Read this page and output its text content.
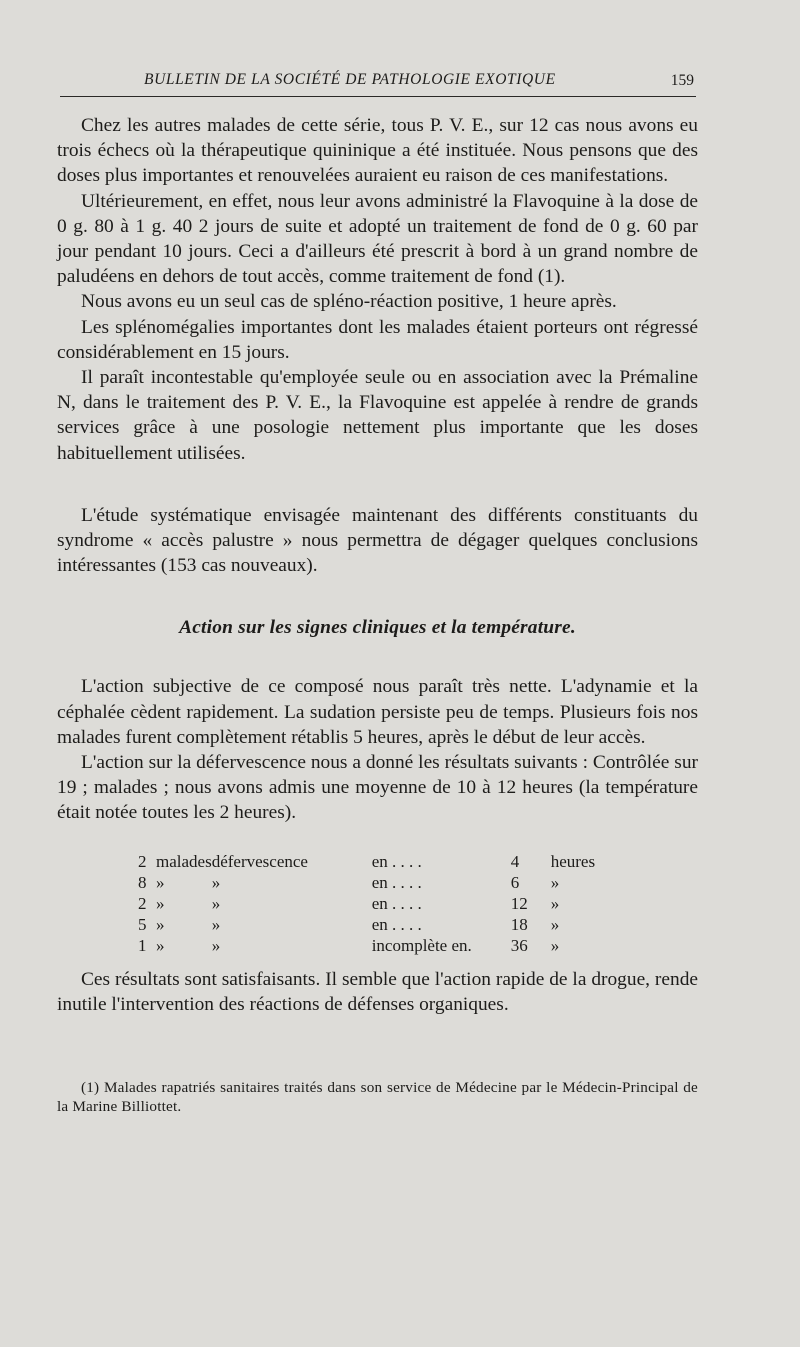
BULLETIN DE LA SOCIÉTÉ DE PATHOLOGIE EXOTIQUE	159

Chez les autres malades de cette série, tous P. V. E., sur 12 cas nous avons eu trois échecs où la thérapeutique quininique a été instituée. Nous pensons que des doses plus importantes et renouvelées auraient eu raison de ces manifestations.

Ultérieurement, en effet, nous leur avons administré la Flavoquine à la dose de 0 g. 80 à 1 g. 40 2 jours de suite et adopté un traitement de fond de 0 g. 60 par jour pendant 10 jours. Ceci a d'ailleurs été prescrit à bord à un grand nombre de paludéens en dehors de tout accès, comme traitement de fond (1).

Nous avons eu un seul cas de spléno-réaction positive, 1 heure après.

Les splénomégalies importantes dont les malades étaient porteurs ont régressé considérablement en 15 jours.

Il paraît incontestable qu'employée seule ou en association avec la Prémaline N, dans le traitement des P. V. E., la Flavoquine est appelée à rendre de grands services grâce à une posologie nettement plus importante que les doses habituellement utilisées.

L'étude systématique envisagée maintenant des différents constituants du syndrome « accès palustre » nous permettra de dégager quelques conclusions intéressantes (153 cas nouveaux).

Action sur les signes cliniques et la température.

L'action subjective de ce composé nous paraît très nette. L'adynamie et la céphalée cèdent rapidement. La sudation persiste peu de temps. Plusieurs fois nos malades furent complètement rétablis 5 heures, après le début de leur accès.

L'action sur la défervescence nous a donné les résultats suivants : Contrôlée sur 19 ; malades ; nous avons admis une moyenne de 10 à 12 heures (la température était notée toutes les 2 heures).

2	malades	défervescence	en . . . .	4	heures
8	»	»	en . . . .	6	»
2	»	»	en . . . .	12	»
5	»	»	en . . . .	18	»
1	»	»	incomplète en.	36	»

Ces résultats sont satisfaisants. Il semble que l'action rapide de la drogue, rende inutile l'intervention des réactions de défenses organiques.

(1) Malades rapatriés sanitaires traités dans son service de Médecine par le Médecin-Principal de la Marine Billiottet.
